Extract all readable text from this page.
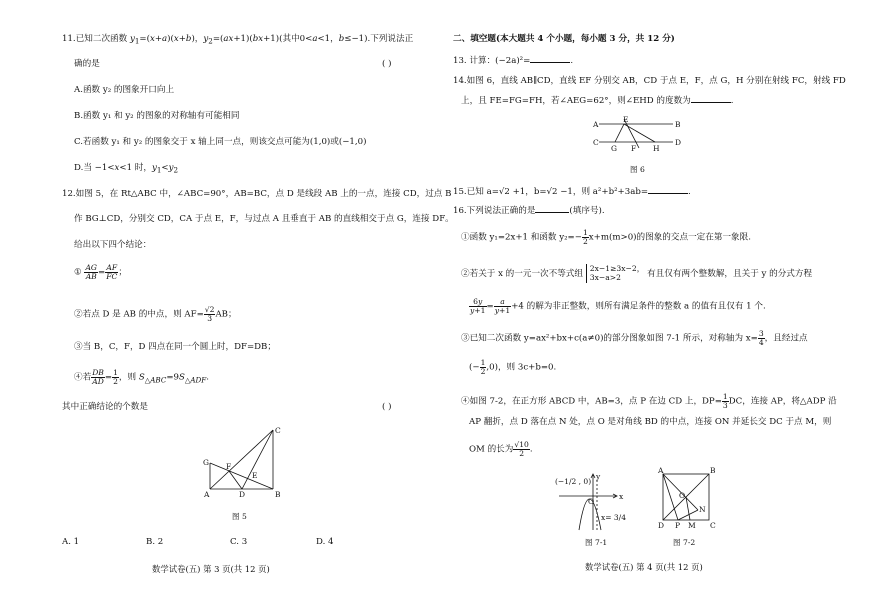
11.已知二次函数 $y_1=(x+a)(x+b)$，$y_2=(ax+1)(bx+1)$(其中0<a<1，b≤−1).下列说法正
确的是	( )
A.函数 y₂ 的图象开口向上
B.函数 y₁ 和 y₂ 的图象的对称轴有可能相同
C.若函数 y₁ 和 y₂ 的图象交于 x 轴上同一点，则该交点可能为(1,0)或(−1,0)
D.当 −1<x<1 时，$y_1<y_2$
12.如图 5，在 Rt△ABC 中，∠ABC=90°，AB=BC，点 D 是线段 AB 上的一点，连接 CD，过点 B
作 BG⊥CD，分别交 CD，CA 于点 E，F，与过点 A 且垂直于 AB 的直线相交于点 G，连接 DF。
给出以下四个结论：
① $\frac{AG}{AB} = \frac{AF}{FC}$ ；
②若点 D 是 AB 的中点，则 $AF= \frac{√2}{3}$ AB；
③当 B，C，F，D 四点在同一个圆上时，DF=DB；
④若 $\frac{DB}{AD} = \frac{1}{2}$ ，则 $S_{\triangle ABC}=9S_{\triangle ADF}$.
其中正确结论的个数是	( )
A	B
C
D
E
F
G
图 5
A. 1	B. 2	C. 3	D. 4
数学试卷(五) 第 3 页(共 12 页)
二、填空题(本大题共 4 个小题，每小题 3 分，共 12 分)
13. 计算：(−2a)²=	.
14.如图 6，直线 AB∥CD，直线 EF 分别交 AB，CD 于点 E，F，点 G，H 分别在射线 FC，射线 FD
上，且 FE=FG=FH，若∠AEG=62°，则∠EHD 的度数为	.
A	B
C	D
E
F
G	H
图 6
15.已知 a=√2 +1，b=√2 −1，则 a²+b²+3ab=	.
16.下列说法正确的是	(填序号).
①函数 y₁=2x+1 和函数 $y_2=- \frac{1}{2} x+m(m>0)$的图象的交点一定在第一象限.
②若关于 x 的一元一次不等式组 2x−1≥3x−2，
3x−a>2	有且仅有两个整数解，且关于 y 的分式方程
$\frac{6y}{y+1} = \frac{a}{y+1} +4$ 的解为非正整数，则所有满足条件的整数 a 的值有且仅有 1 个.
③已知二次函数 y=ax²+bx+c(a≠0)的部分图象如图 7-1 所示，对称轴为 $x= \frac{3}{4}$ ，且经过点
(− $\frac{1}{2} ,0$)，则 3c+b=0.
④如图 7-2，在正方形 ABCD 中，AB=3，点 P 在边 CD 上，$DP= \frac{1}{3}$ DC，连接 AP，将△ADP 沿
AP 翻折，点 D 落在点 N 处，点 O 是对角线 BD 的中点，连接 ON 并延长交 DC 于点 M，则
OM 的长为 $\frac{√10}{2}$ .
(−1/2 , 0)
y
x
O
x= 3/4
图 7-1
A	B
C
D P M
N
O
图 7-2
数学试卷(五) 第 4 页(共 12 页)
